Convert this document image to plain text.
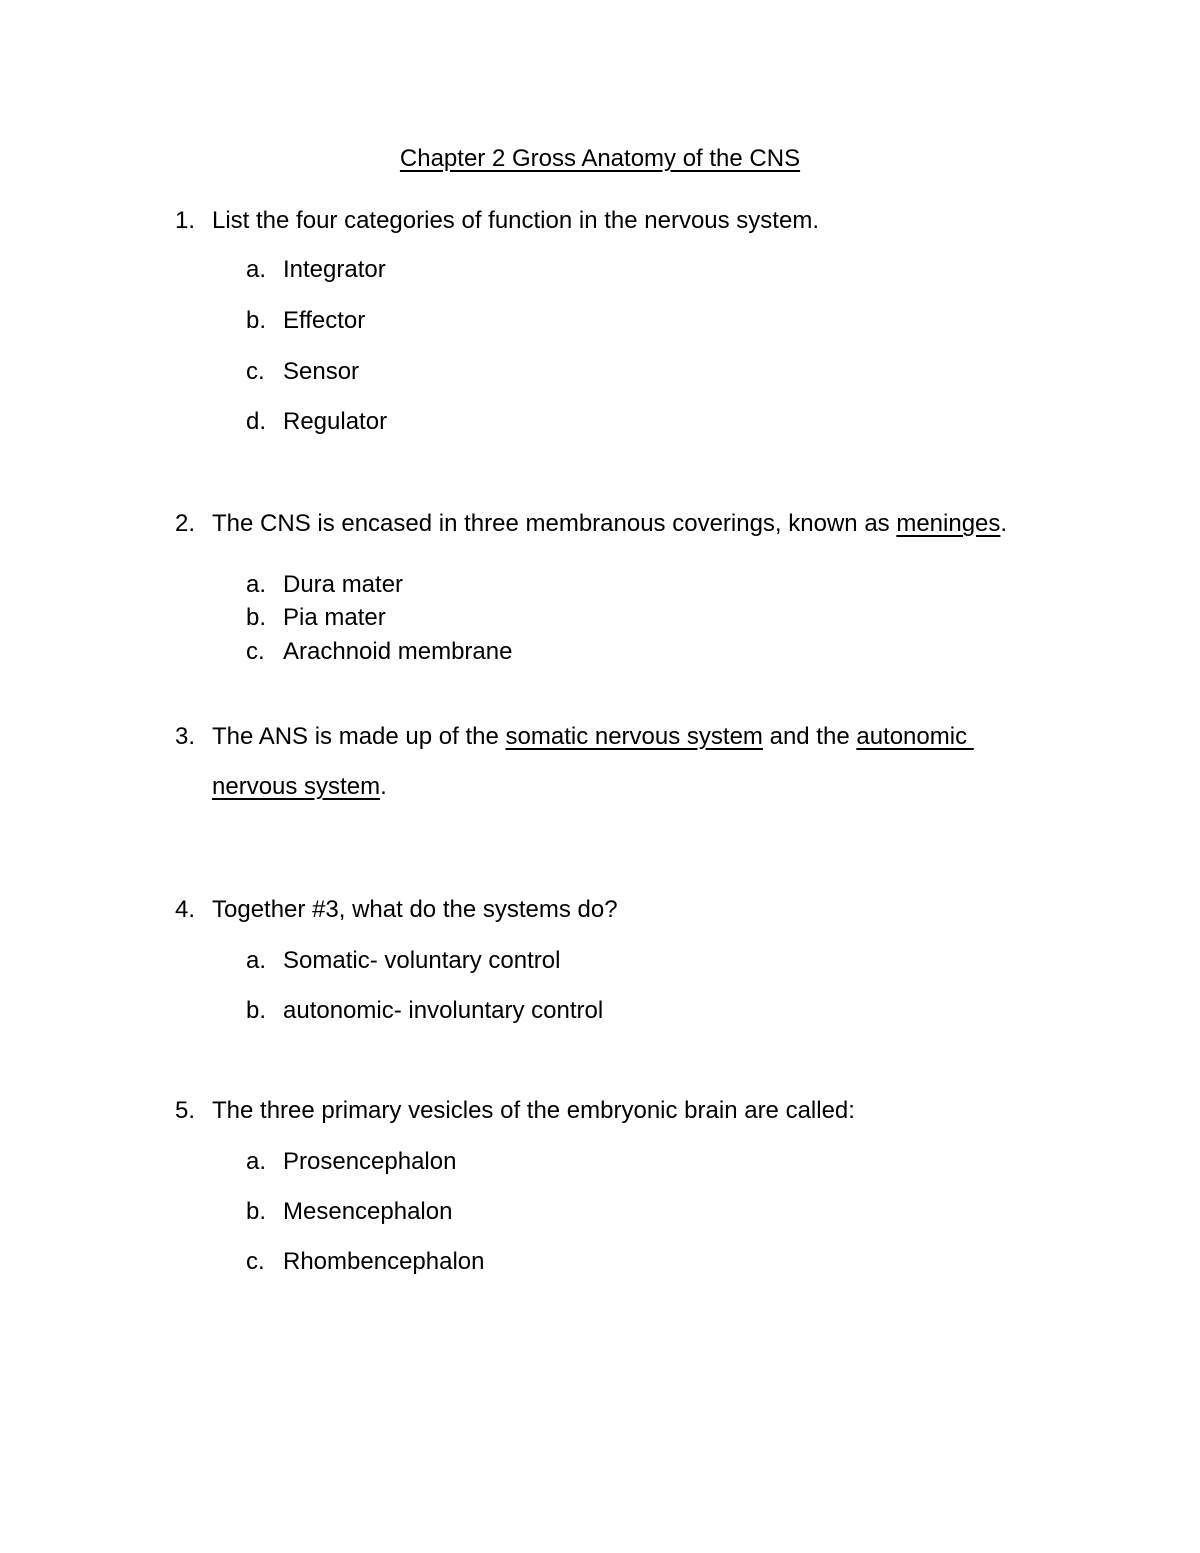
Chapter 2 Gross Anatomy of the CNS
1. List the four categories of function in the nervous system.
a. Integrator
b. Effector
c. Sensor
d. Regulator
2. The CNS is encased in three membranous coverings, known as meninges.
a. Dura mater
b. Pia mater
c. Arachnoid membrane
3. The ANS is made up of the somatic nervous system and the autonomic
nervous system.
4. Together #3, what do the systems do?
a. Somatic- voluntary control
b. autonomic- involuntary control
5. The three primary vesicles of the embryonic brain are called:
a. Prosencephalon
b. Mesencephalon
c. Rhombencephalon
